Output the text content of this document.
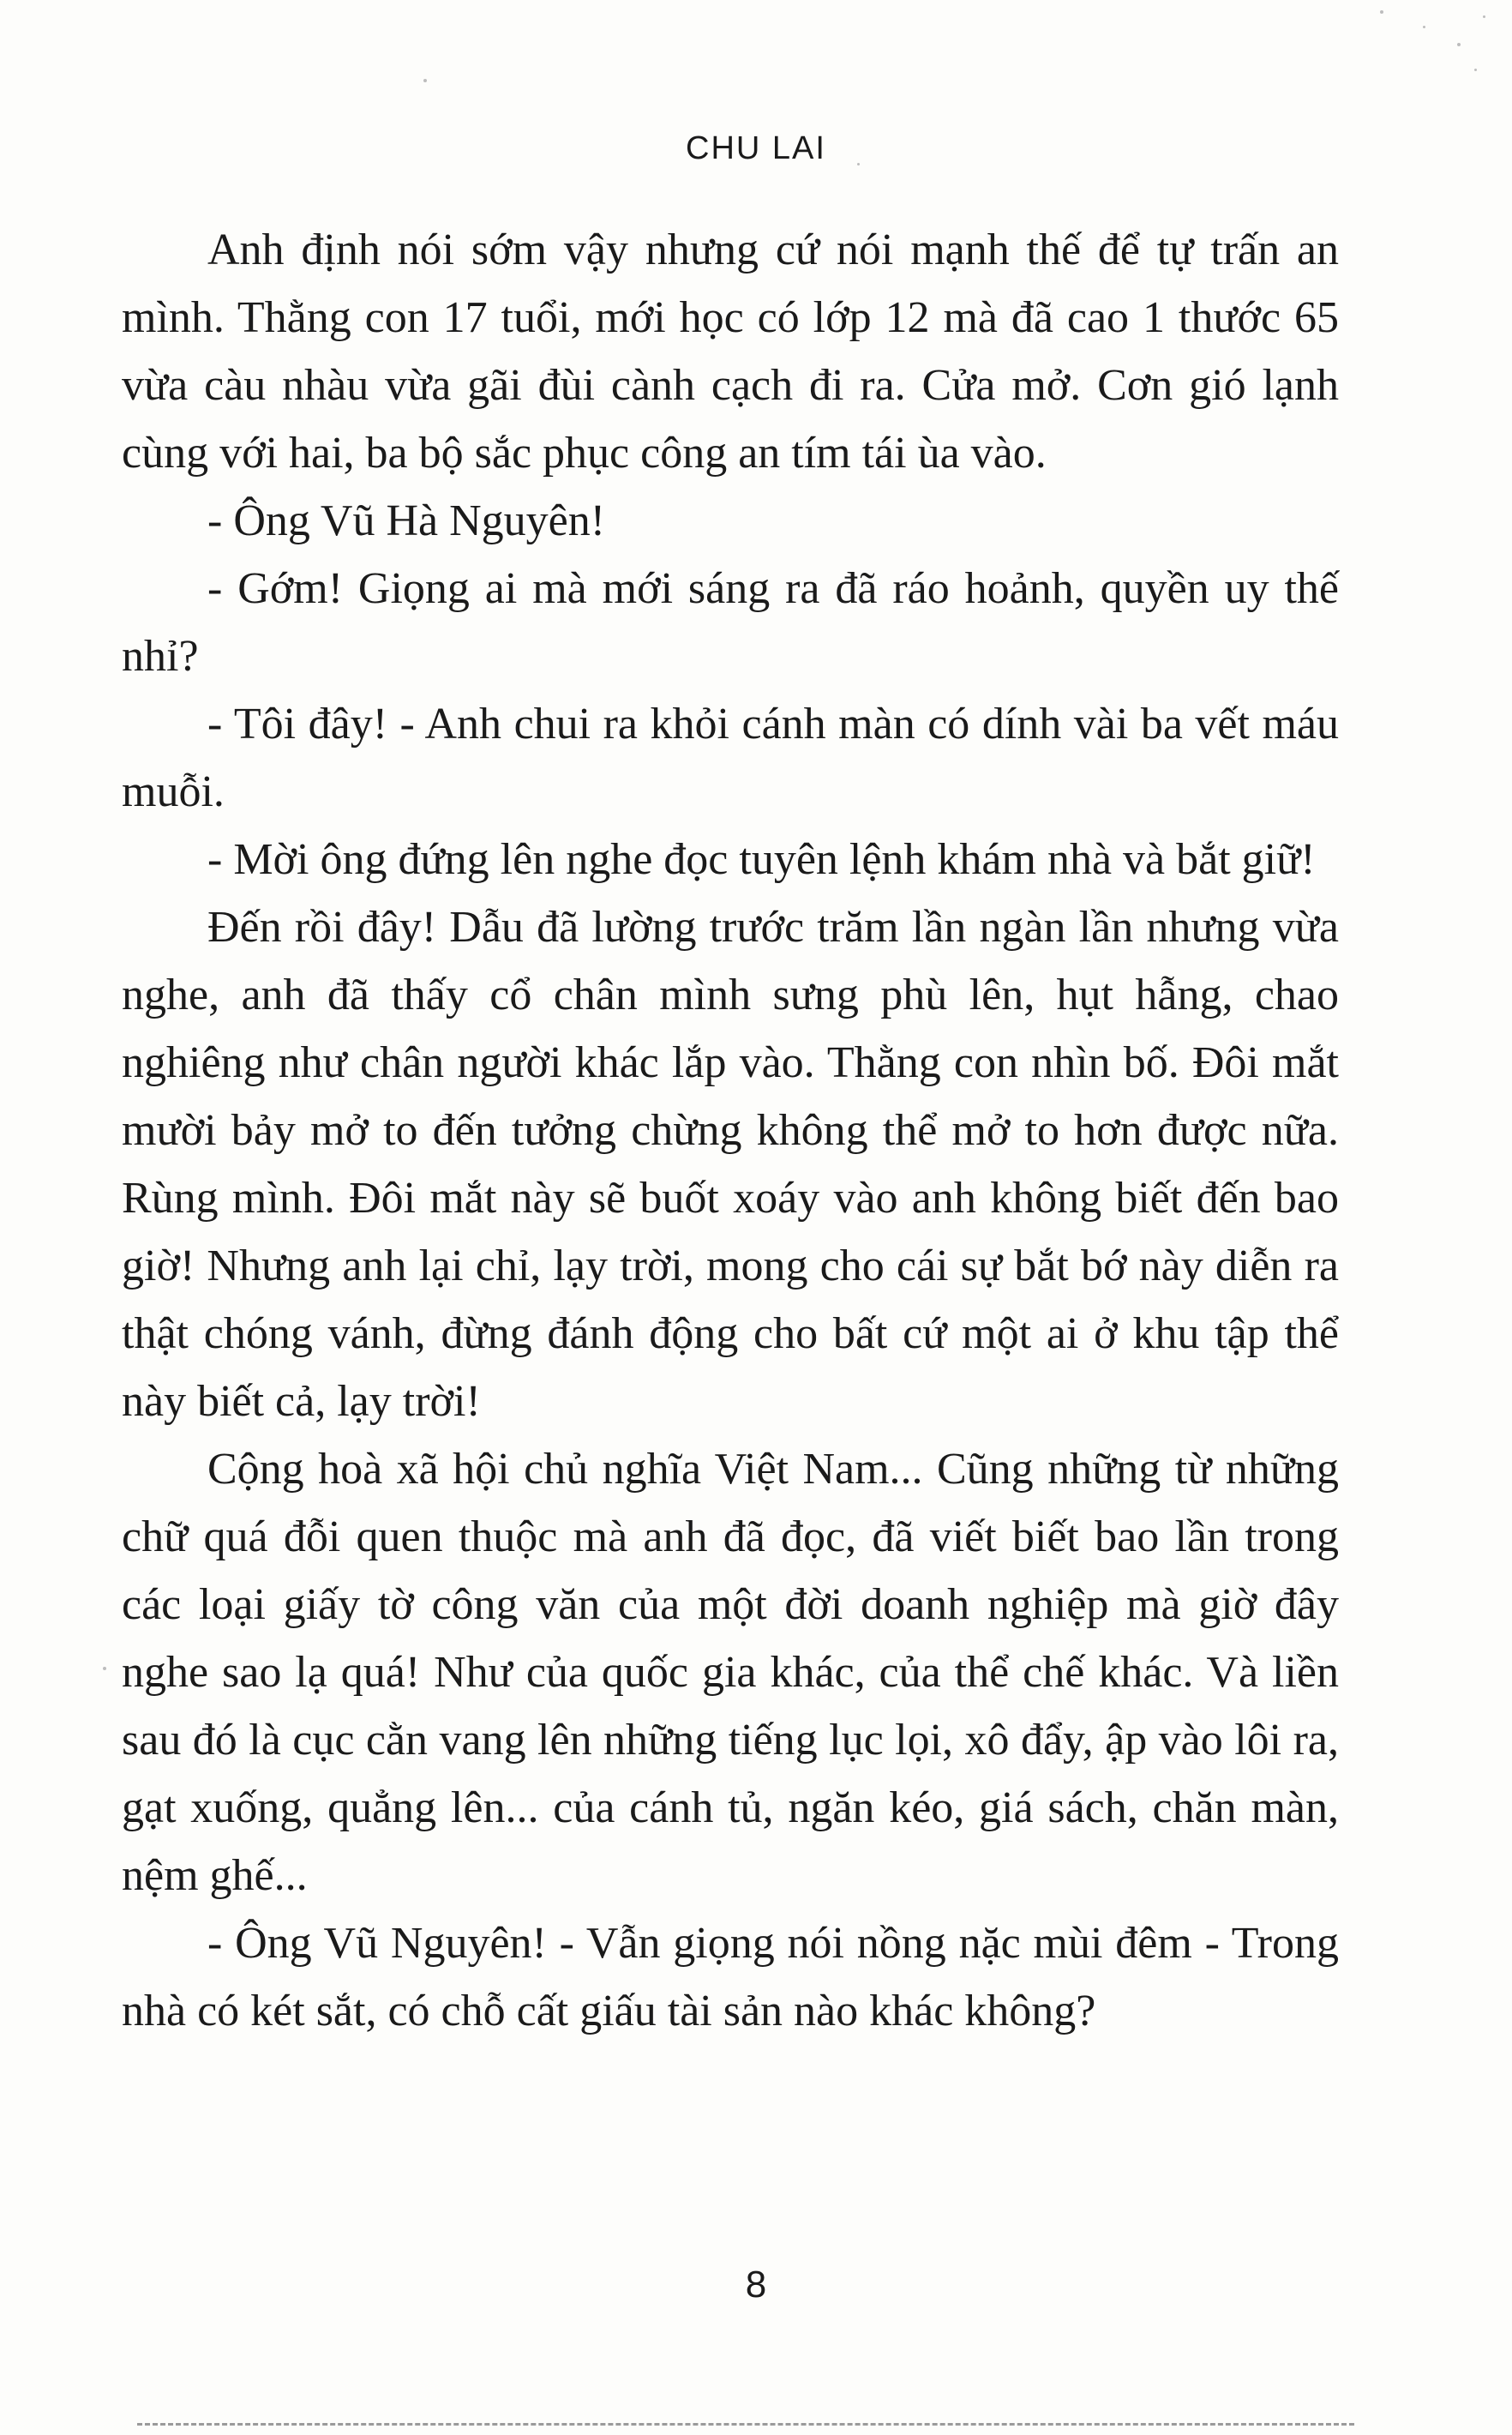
CHU LAI

Anh định nói sớm vậy nhưng cứ nói mạnh thế để tự trấn an mình. Thằng con 17 tuổi, mới học có lớp 12 mà đã cao 1 thước 65 vừa càu nhàu vừa gãi đùi cành cạch đi ra. Cửa mở. Cơn gió lạnh cùng với hai, ba bộ sắc phục công an tím tái ùa vào.

- Ông Vũ Hà Nguyên!

- Gớm! Giọng ai mà mới sáng ra đã ráo hoảnh, quyền uy thế nhỉ?

- Tôi đây! - Anh chui ra khỏi cánh màn có dính vài ba vết máu muỗi.

- Mời ông đứng lên nghe đọc tuyên lệnh khám nhà và bắt giữ!

Đến rồi đây! Dẫu đã lường trước trăm lần ngàn lần nhưng vừa nghe, anh đã thấy cổ chân mình sưng phù lên, hụt hẫng, chao nghiêng như chân người khác lắp vào. Thằng con nhìn bố. Đôi mắt mười bảy mở to đến tưởng chừng không thể mở to hơn được nữa. Rùng mình. Đôi mắt này sẽ buốt xoáy vào anh không biết đến bao giờ! Nhưng anh lại chỉ, lạy trời, mong cho cái sự bắt bớ này diễn ra thật chóng vánh, đừng đánh động cho bất cứ một ai ở khu tập thể này biết cả, lạy trời!

Cộng hoà xã hội chủ nghĩa Việt Nam... Cũng những từ những chữ quá đỗi quen thuộc mà anh đã đọc, đã viết biết bao lần trong các loại giấy tờ công văn của một đời doanh nghiệp mà giờ đây nghe sao lạ quá! Như của quốc gia khác, của thể chế khác. Và liền sau đó là cục cằn vang lên những tiếng lục lọi, xô đẩy, ập vào lôi ra, gạt xuống, quẳng lên... của cánh tủ, ngăn kéo, giá sách, chăn màn, nệm ghế...

- Ông Vũ Nguyên! - Vẫn giọng nói nồng nặc mùi đêm - Trong nhà có két sắt, có chỗ cất giấu tài sản nào khác không?

8
